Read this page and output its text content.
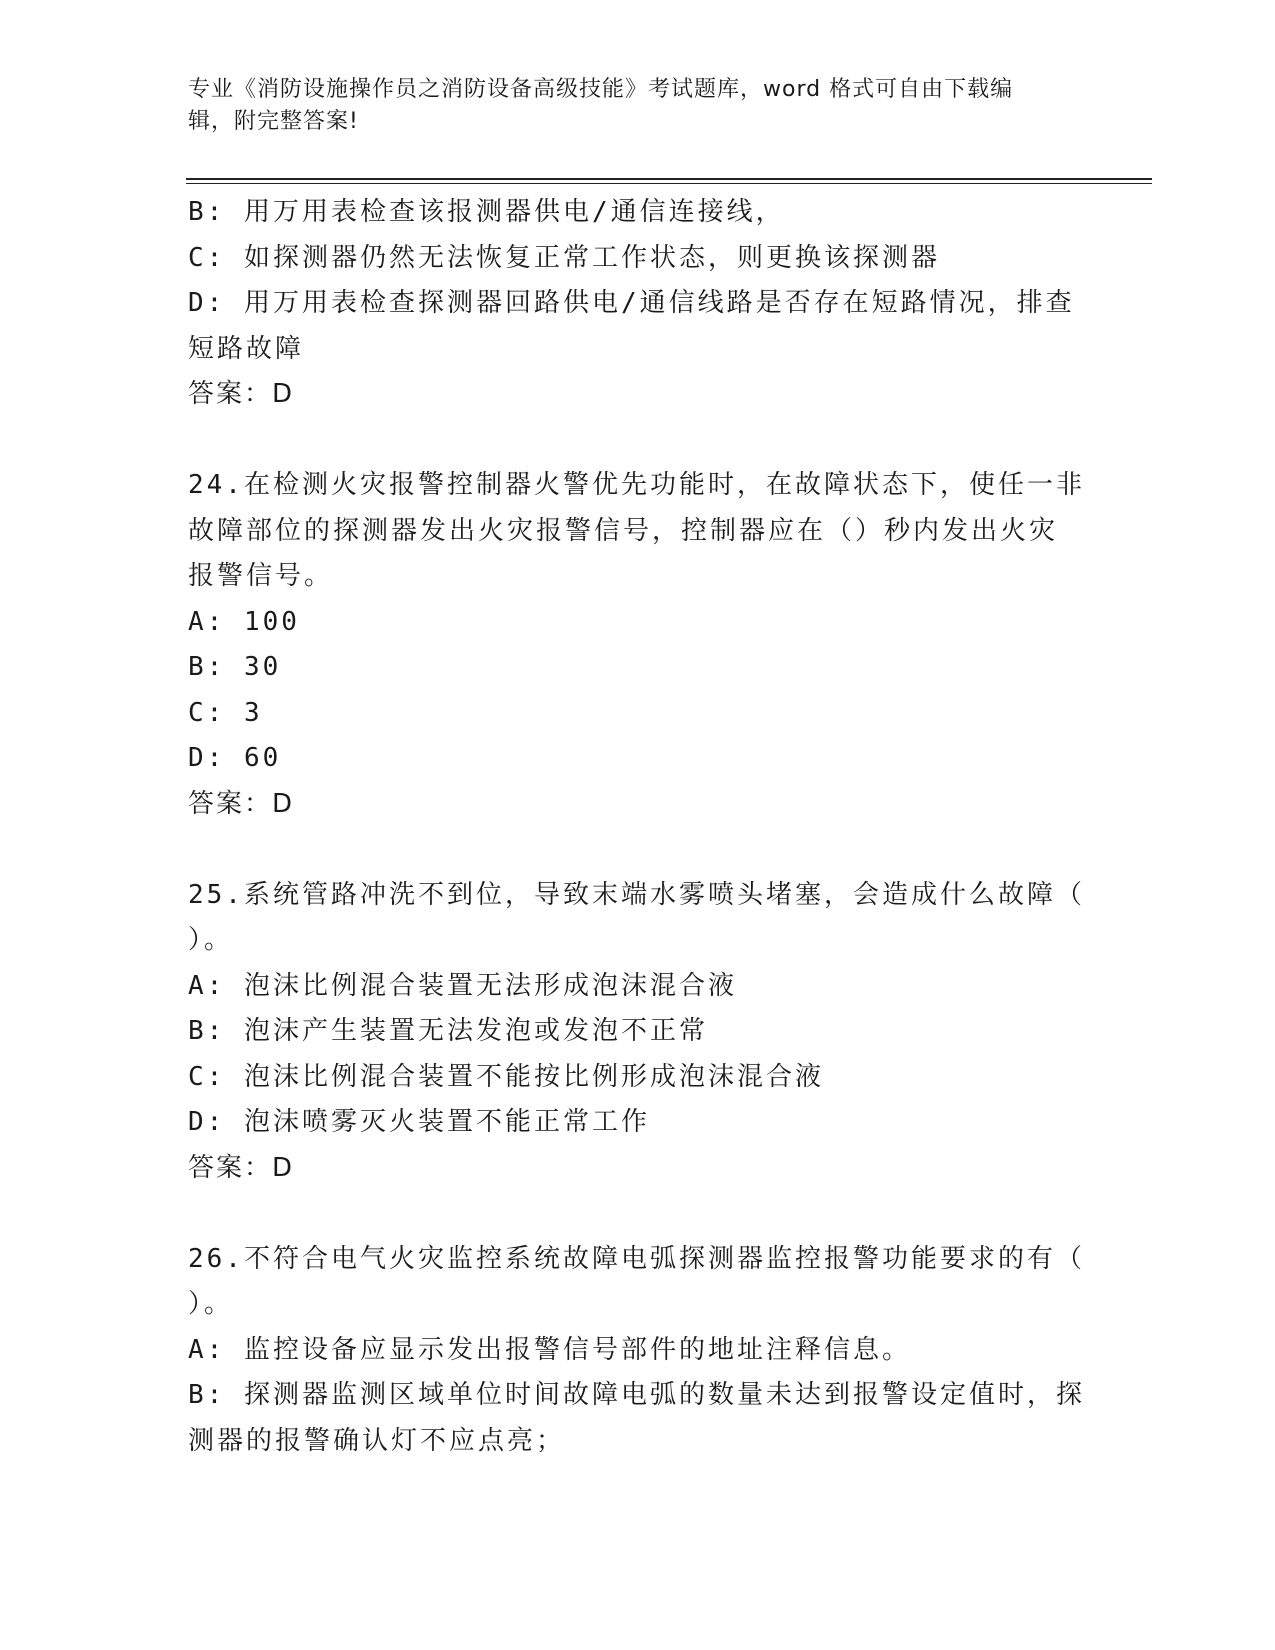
专业《消防设施操作员之消防设备高级技能》考试题库，word 格式可自由下载编
辑，附完整答案!

B: 用万用表检查该报测器供电/通信连接线，

C: 如探测器仍然无法恢复正常工作状态，则更换该探测器

D: 用万用表检查探测器回路供电/通信线路是否存在短路情况，排查

短路故障

答案：D

24.在检测火灾报警控制器火警优先功能时，在故障状态下，使任一非

故障部位的探测器发出火灾报警信号，控制器应在（）秒内发出火灾

报警信号。

A: 100

B: 30

C: 3

D: 60

答案：D

25.系统管路冲洗不到位，导致末端水雾喷头堵塞，会造成什么故障（

）。

A: 泡沫比例混合装置无法形成泡沫混合液

B: 泡沫产生装置无法发泡或发泡不正常

C: 泡沫比例混合装置不能按比例形成泡沫混合液

D: 泡沫喷雾灭火装置不能正常工作

答案：D

26.不符合电气火灾监控系统故障电弧探测器监控报警功能要求的有（

）。

A: 监控设备应显示发出报警信号部件的地址注释信息。

B: 探测器监测区域单位时间故障电弧的数量未达到报警设定值时，探

测器的报警确认灯不应点亮；
